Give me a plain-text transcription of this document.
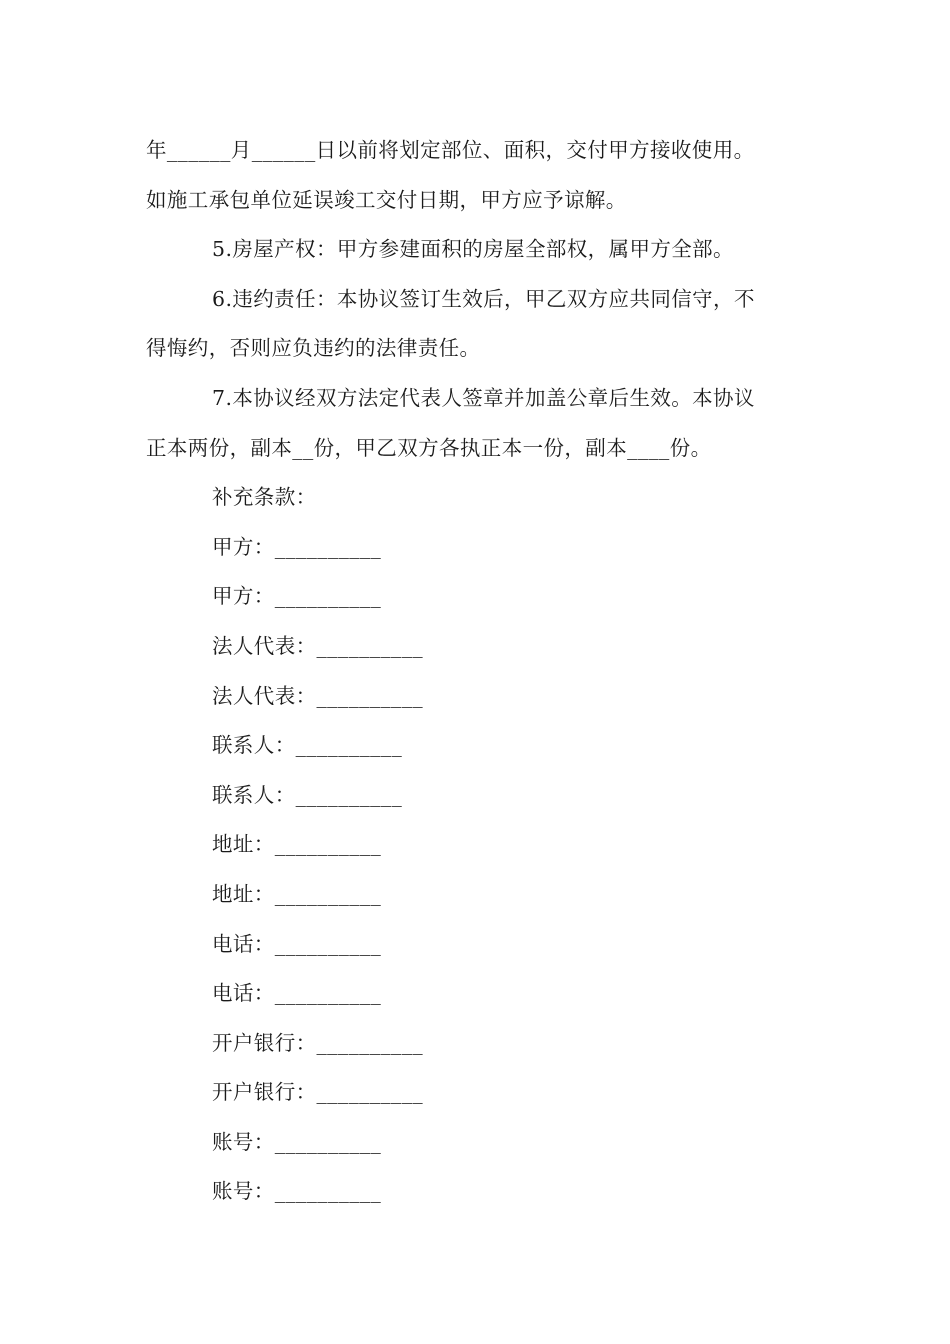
年______月______日以前将划定部位、面积，交付甲方接收使用。
如施工承包单位延误竣工交付日期，甲方应予谅解。
5.房屋产权：甲方参建面积的房屋全部权，属甲方全部。
6.违约责任：本协议签订生效后，甲乙双方应共同信守，不
得悔约，否则应负违约的法律责任。
7.本协议经双方法定代表人签章并加盖公章后生效。本协议
正本两份，副本__份，甲乙双方各执正本一份，副本____份。
补充条款：
甲方：__________
甲方：__________
法人代表：__________
法人代表：__________
联系人：__________
联系人：__________
地址：__________
地址：__________
电话：__________
电话：__________
开户银行：__________
开户银行：__________
账号：__________
账号：__________
